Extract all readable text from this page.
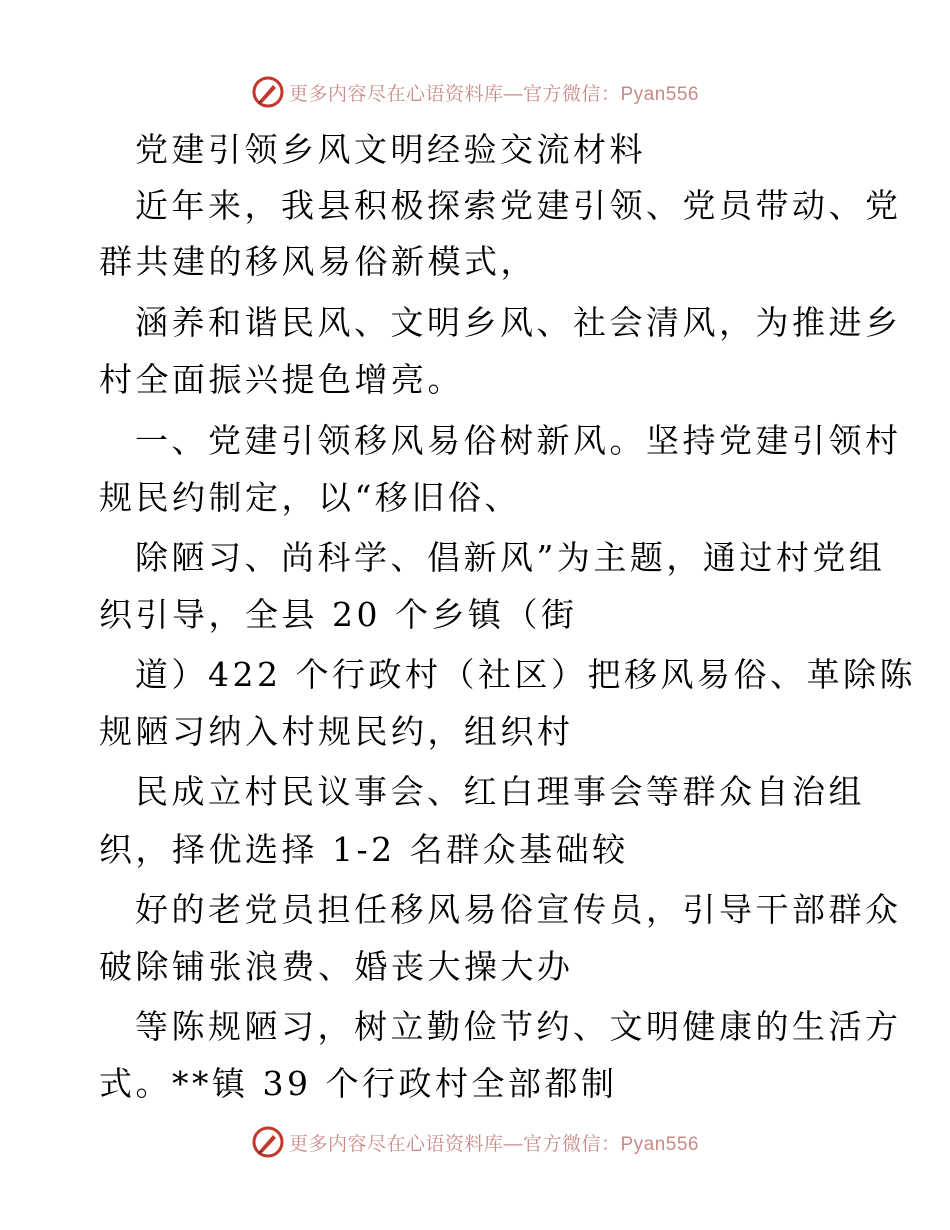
更多内容尽在心语资料库—官方微信：Pyan556
党建引领乡风文明经验交流材料
近年来，我县积极探索党建引领、党员带动、党
群共建的移风易俗新模式，
涵养和谐民风、文明乡风、社会清风，为推进乡
村全面振兴提色增亮。
一、党建引领移风易俗树新风。坚持党建引领村
规民约制定，以“移旧俗、
除陋习、尚科学、倡新风”为主题，通过村党组
织引导，全县 20 个乡镇（街
道）422 个行政村（社区）把移风易俗、革除陈
规陋习纳入村规民约，组织村
民成立村民议事会、红白理事会等群众自治组
织，择优选择 1-2 名群众基础较
好的老党员担任移风易俗宣传员，引导干部群众
破除铺张浪费、婚丧大操大办
等陈规陋习，树立勤俭节约、文明健康的生活方
式。**镇 39 个行政村全部都制
更多内容尽在心语资料库—官方微信：Pyan556
